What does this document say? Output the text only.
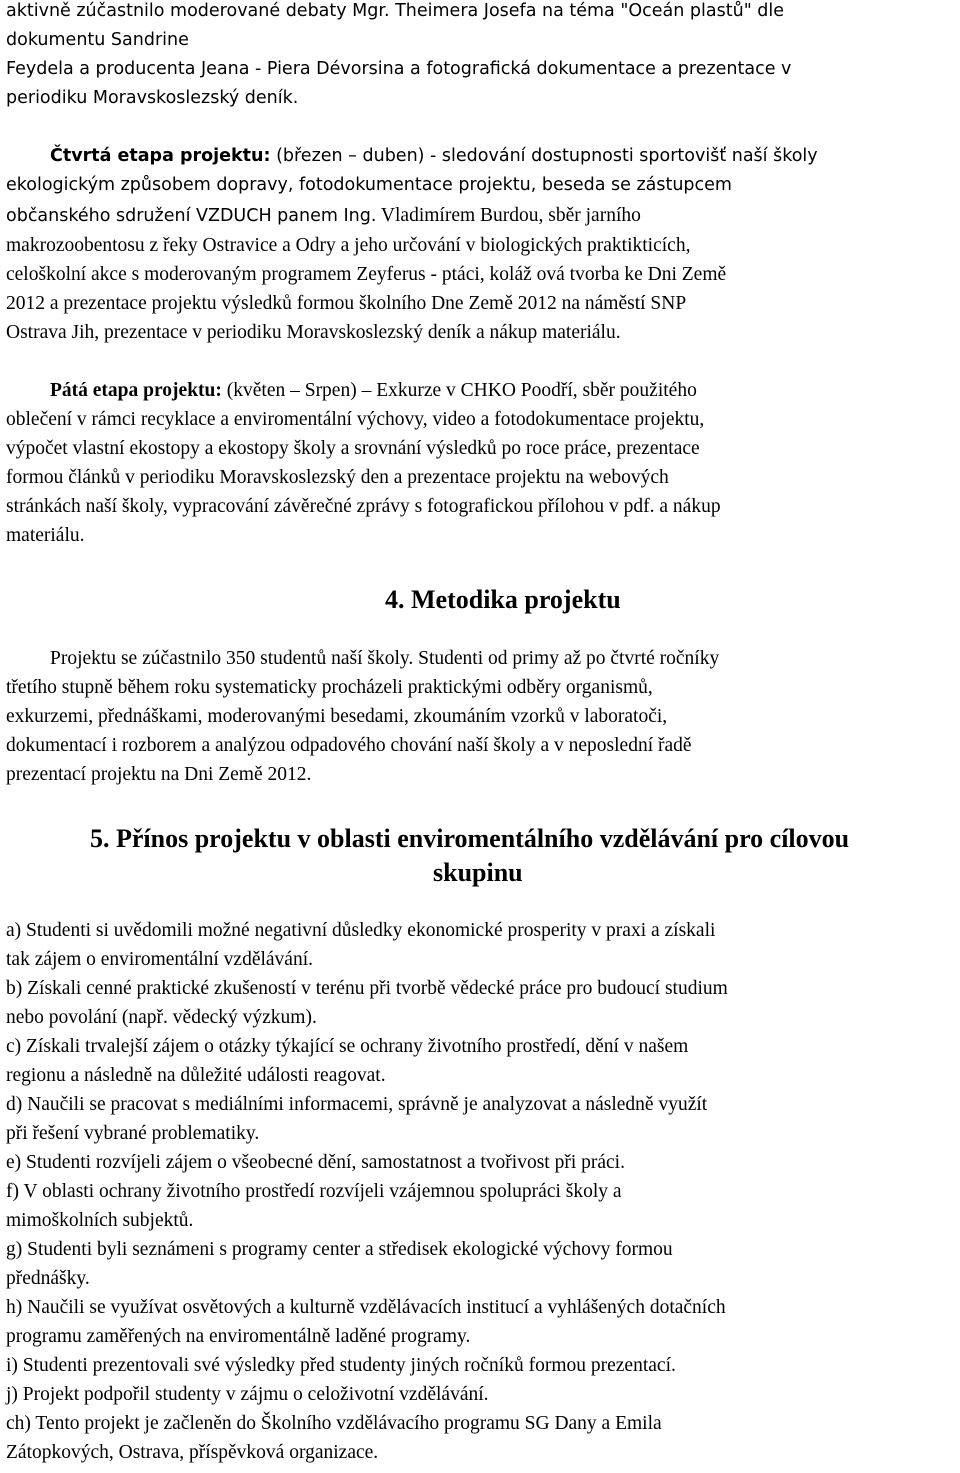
aktivně zúčastnilo moderované debaty Mgr. Theimera Josefa na téma "Oceán plastů" dle
dokumentu Sandrine
Feydela a producenta Jeana - Piera Dévorsina a fotografická dokumentace a prezentace v
periodiku Moravskoslezský deník.
Čtvrtá etapa projektu: (březen – duben) - sledování dostupnosti sportovišť naší školy
ekologickým způsobem dopravy, fotodokumentace projektu, beseda se zástupcem
občanského sdružení VZDUCH panem Ing. Vladimírem Burdou, sběr jarního
makrozoobentosu z řeky Ostravice a Odry a jeho určování v biologických praktikticích,
celoškolní akce s moderovaným programem Zeyferus - ptáci, koláž ová tvorba ke Dni Země
2012 a prezentace projektu výsledků formou školního Dne Země 2012 na náměstí SNP
Ostrava Jih, prezentace v periodiku Moravskoslezský deník a nákup materiálu.
Pátá etapa projektu: (květen – Srpen) – Exkurze v CHKO Poodří, sběr použitého
oblečení v rámci recyklace a enviromentální výchovy, video a fotodokumentace projektu,
výpočet vlastní ekostopy a ekostopy školy a srovnání výsledků po roce práce, prezentace
formou článků v periodiku Moravskoslezský den a prezentace projektu na webových
stránkách naší školy, vypracování závěrečné zprávy s fotografickou přílohou v pdf. a nákup
materiálu.
4. Metodika projektu
Projektu se zúčastnilo 350 studentů naší školy. Studenti od primy až po čtvrté ročníky
třetího stupně během roku systematicky procházeli praktickými odběry organismů,
exkurzemi, přednáškami, moderovanými besedami, zkoumáním vzorků v laboratoči,
dokumentací i rozborem a analýzou odpadového chování naší školy a v neposlední řadě
prezentací projektu na Dni Země 2012.
5. Přínos projektu v oblasti enviromentálního vzdělávání pro cílovou
skupinu
a) Studenti si uvědomili možné negativní důsledky ekonomické prosperity v praxi a získali
tak zájem o enviromentální vzdělávání.
b) Získali cenné praktické zkušeností v terénu při tvorbě vědecké práce pro budoucí studium
nebo povolání (např. vědecký výzkum).
c) Získali trvalejší zájem o otázky týkající se ochrany životního prostředí, dění v našem
regionu a následně na důležité události reagovat.
d) Naučili se pracovat s mediálními informacemi, správně je analyzovat a následně využít
při řešení vybrané problematiky.
e) Studenti rozvíjeli zájem o všeobecné dění, samostatnost a tvořivost při práci.
f) V oblasti ochrany životního prostředí rozvíjeli vzájemnou spolupráci školy a
mimoškolních subjektů.
g) Studenti byli seznámeni s programy center a středisek ekologické výchovy formou
přednášky.
h) Naučili se využívat osvětových a kulturně vzdělávacích institucí a vyhlášených dotačních
programu zaměřených na enviromentálně laděné programy.
i) Studenti prezentovali své výsledky před studenty jiných ročníků formou prezentací.
j) Projekt podpořil studenty v zájmu o celoživotní vzdělávání.
ch) Tento projekt je začleněn do Školního vzdělávacího programu SG Dany a Emila
Zátopkových, Ostrava, příspěvková organizace.
